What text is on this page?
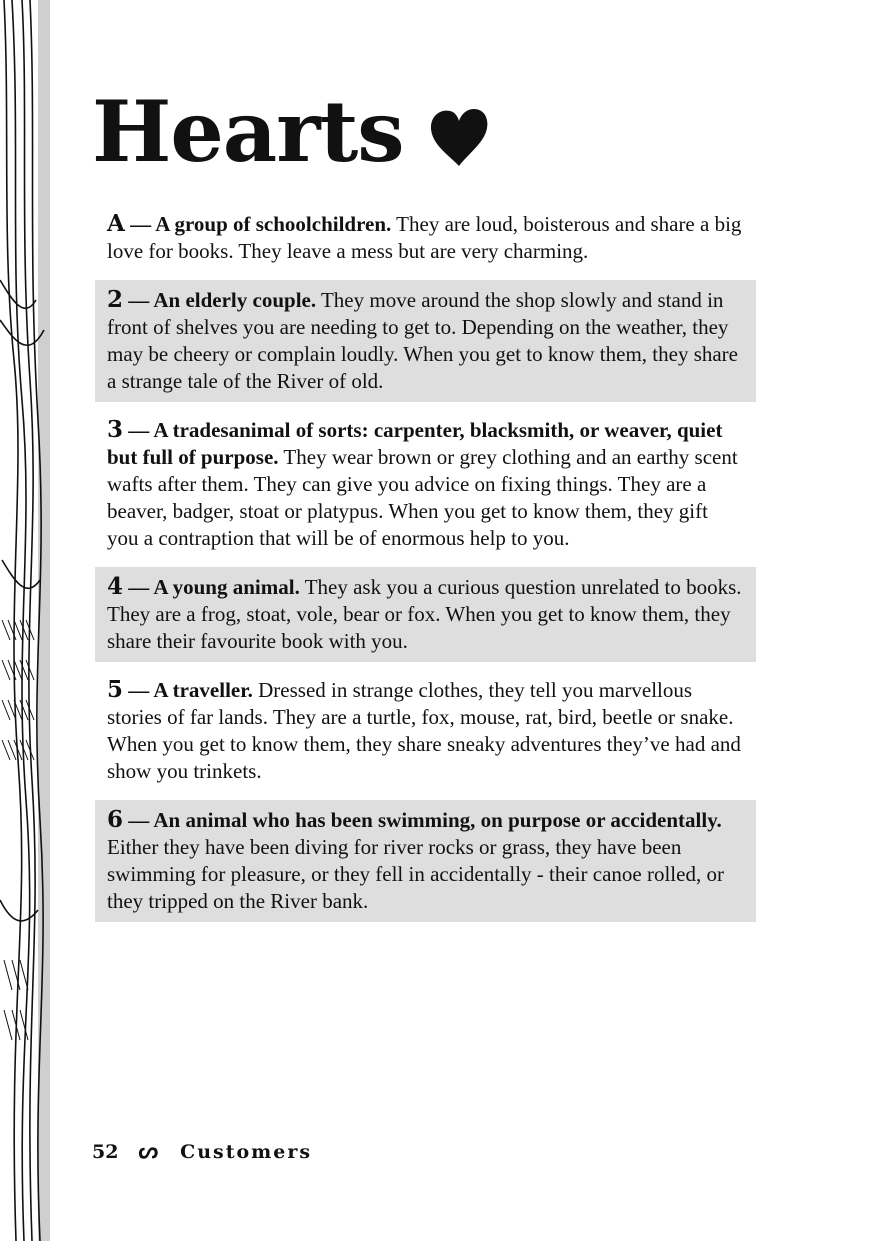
Hearts
A — A group of schoolchildren. They are loud, boisterous and share a big love for books. They leave a mess but are very charming.
2 — An elderly couple. They move around the shop slowly and stand in front of shelves you are needing to get to. Depending on the weather, they may be cheery or complain loudly. When you get to know them, they share a strange tale of the River of old.
3 — A tradesanimal of sorts: carpenter, blacksmith, or weaver, quiet but full of purpose. They wear brown or grey clothing and an earthy scent wafts after them. They can give you advice on fixing things. They are a beaver, badger, stoat or platypus. When you get to know them, they gift you a contraption that will be of enormous help to you.
4 — A young animal. They ask you a curious question unrelated to books. They are a frog, stoat, vole, bear or fox. When you get to know them, they share their favourite book with you.
5 — A traveller. Dressed in strange clothes, they tell you marvellous stories of far lands. They are a turtle, fox, mouse, rat, bird, beetle or snake. When you get to know them, they share sneaky adventures they’ve had and show you trinkets.
6 — An animal who has been swimming, on purpose or accidentally. Either they have been diving for river rocks or grass, they have been swimming for pleasure, or they fell in accidentally - their canoe rolled, or they tripped on the River bank.
52 ᔕ Customers
